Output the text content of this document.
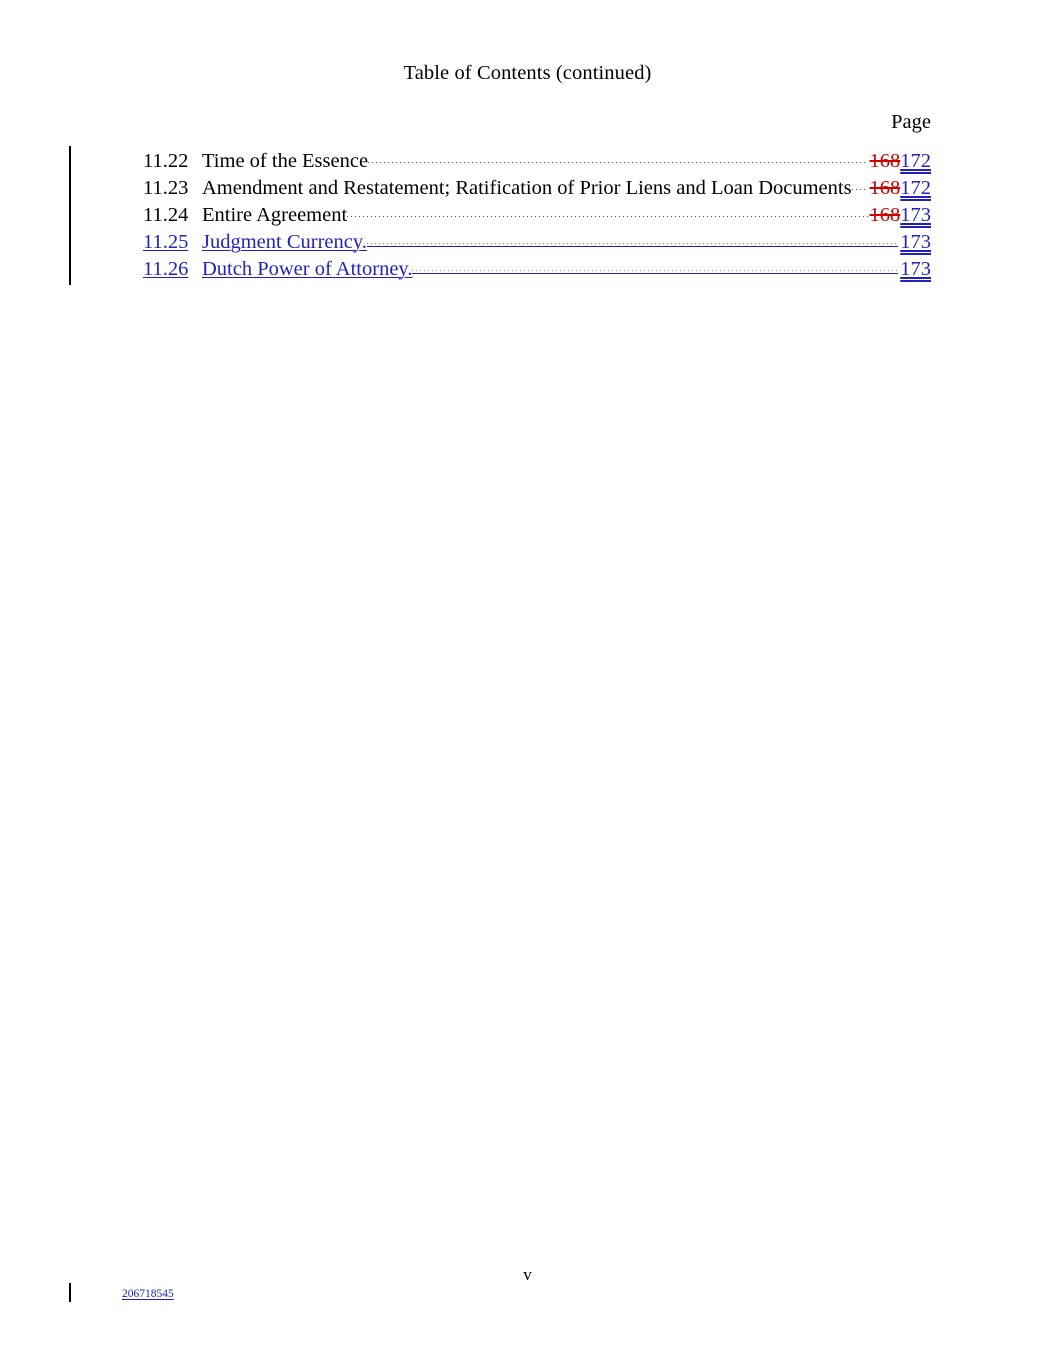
Table of Contents (continued)
Page
11.22 Time of the Essence	168172
11.23 Amendment and Restatement; Ratification of Prior Liens and Loan Documents 168172
11.24 Entire Agreement	168173
11.25 Judgment Currency.	173
11.26 Dutch Power of Attorney.	173
v
206718545
